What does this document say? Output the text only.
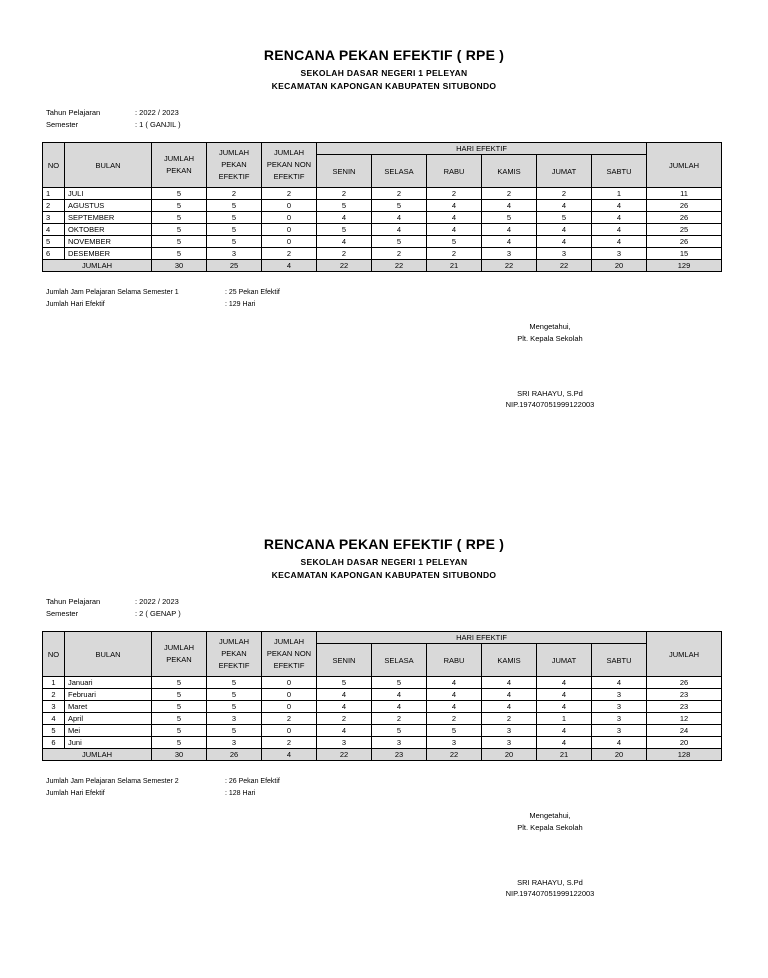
RENCANA PEKAN EFEKTIF ( RPE )
SEKOLAH DASAR NEGERI 1 PELEYAN
KECAMATAN KAPONGAN KABUPATEN SITUBONDO
Tahun Pelajaran	: 2022 / 2023
Semester	: 1 ( GANJIL )
NO	BULAN	JUMLAH PEKAN	JUMLAH PEKAN EFEKTIF	JUMLAH PEKAN NON EFEKTIF	HARI EFEKTIF						JUMLAH
					SENIN	SELASA	RABU	KAMIS	JUMAT	SABTU	
1	JULI	5	2	2	2	2	2	2	2	1	11
2	AGUSTUS	5	5	0	5	5	4	4	4	4	26
3	SEPTEMBER	5	5	0	4	4	4	5	5	4	26
4	OKTOBER	5	5	0	5	4	4	4	4	4	25
5	NOVEMBER	5	5	0	4	5	5	4	4	4	26
6	DESEMBER	5	3	2	2	2	2	3	3	3	15
JUMLAH		30	25	4	22	22	21	22	22	20	129
Jumlah Jam Pelajaran Selama Semester 1	: 25 Pekan Efektif
Jumlah Hari Efektif	: 129 Hari
Mengetahui,
Plt. Kepala Sekolah
SRI RAHAYU, S.Pd
NIP.197407051999122003
RENCANA PEKAN EFEKTIF ( RPE )
SEKOLAH DASAR NEGERI 1 PELEYAN
KECAMATAN KAPONGAN KABUPATEN SITUBONDO
Tahun Pelajaran	: 2022 / 2023
Semester	: 2 ( GENAP )
NO	BULAN	JUMLAH PEKAN	JUMLAH PEKAN EFEKTIF	JUMLAH PEKAN NON EFEKTIF	HARI EFEKTIF						JUMLAH
					SENIN	SELASA	RABU	KAMIS	JUMAT	SABTU	
1	Januari	5	5	0	5	5	4	4	4	4	26
2	Februari	5	5	0	4	4	4	4	4	3	23
3	Maret	5	5	0	4	4	4	4	4	3	23
4	April	5	3	2	2	2	2	2	1	3	12
5	Mei	5	5	0	4	5	5	3	4	3	24
6	Juni	5	3	2	3	3	3	3	4	4	20
JUMLAH		30	26	4	22	23	22	20	21	20	128
Jumlah Jam Pelajaran Selama Semester 2	: 26 Pekan Efektif
Jumlah Hari Efektif	: 128 Hari
Mengetahui,
Plt. Kepala Sekolah
SRI RAHAYU, S.Pd
NIP.197407051999122003
